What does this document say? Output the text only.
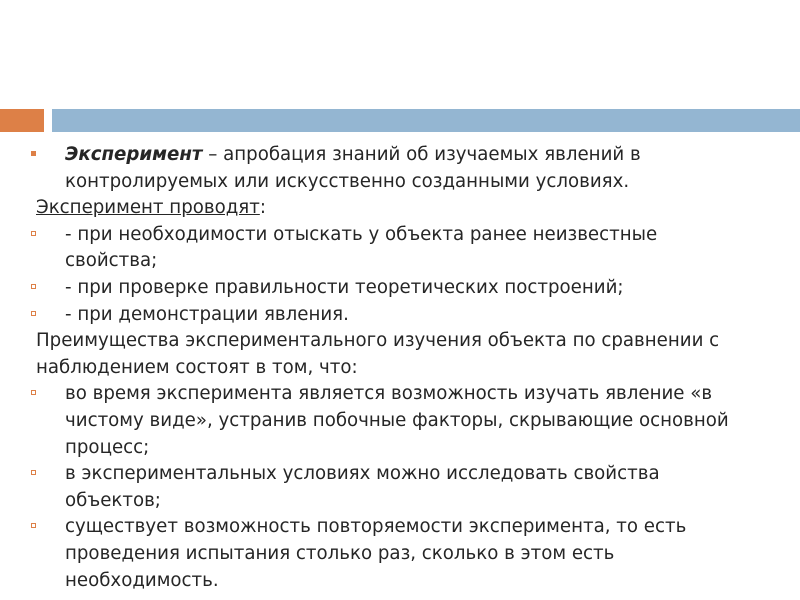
Эксперимент – апробация знаний об изучаемых явлений в

контролируемых или искусственно созданными условиях.

Эксперимент проводят:

- при необходимости отыскать у объекта ранее неизвестные

свойства;

- при проверке правильности теоретических построений;

- при демонстрации явления.

Преимущества экспериментального изучения объекта по сравнении с

наблюдением состоят в том, что:

во время эксперимента является возможность изучать явление «в

чистому виде», устранив побочные факторы, скрывающие основной

процесс;

в экспериментальных условиях можно исследовать свойства

объектов;

существует возможность повторяемости эксперимента, то есть

проведения испытания столько раз, сколько в этом есть

необходимость.
